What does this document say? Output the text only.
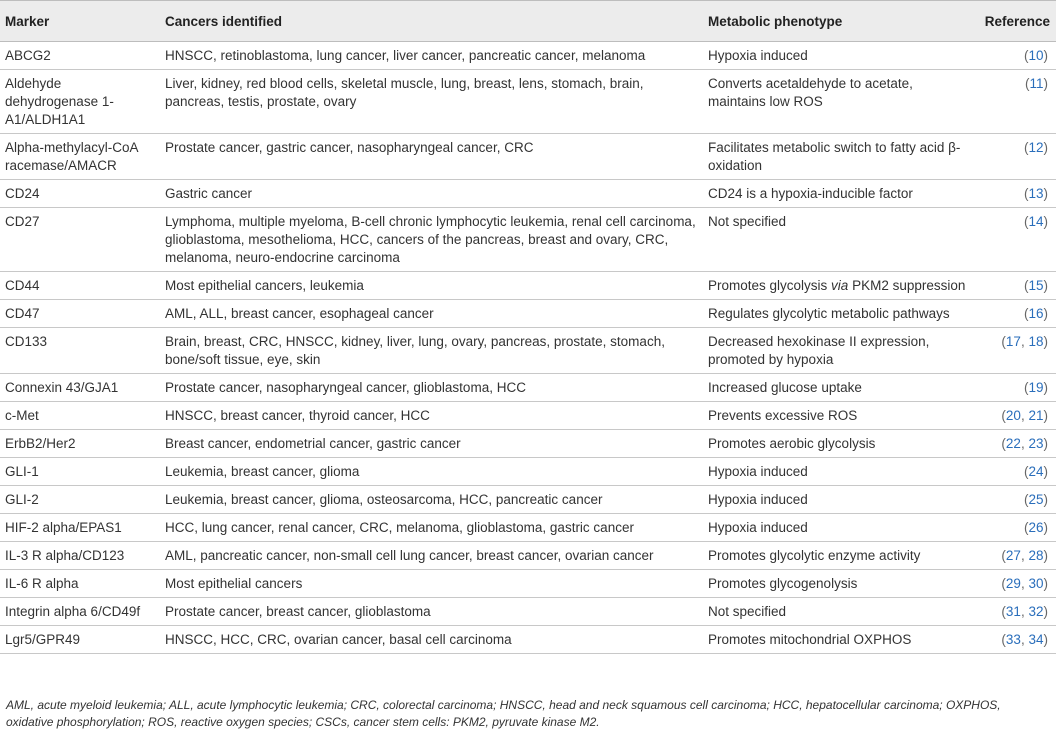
Marker	Cancers identified	Metabolic phenotype	Reference
ABCG2	HNSCC, retinoblastoma, lung cancer, liver cancer, pancreatic cancer, melanoma	Hypoxia induced	(10)
Aldehyde dehydrogenase 1-A1/ALDH1A1	Liver, kidney, red blood cells, skeletal muscle, lung, breast, lens, stomach, brain, pancreas, testis, prostate, ovary	Converts acetaldehyde to acetate, maintains low ROS	(11)
Alpha-methylacyl-CoA racemase/AMACR	Prostate cancer, gastric cancer, nasopharyngeal cancer, CRC	Facilitates metabolic switch to fatty acid β-oxidation	(12)
CD24	Gastric cancer	CD24 is a hypoxia-inducible factor	(13)
CD27	Lymphoma, multiple myeloma, B-cell chronic lymphocytic leukemia, renal cell carcinoma, glioblastoma, mesothelioma, HCC, cancers of the pancreas, breast and ovary, CRC, melanoma, neuro-endocrine carcinoma	Not specified	(14)
CD44	Most epithelial cancers, leukemia	Promotes glycolysis via PKM2 suppression	(15)
CD47	AML, ALL, breast cancer, esophageal cancer	Regulates glycolytic metabolic pathways	(16)
CD133	Brain, breast, CRC, HNSCC, kidney, liver, lung, ovary, pancreas, prostate, stomach, bone/soft tissue, eye, skin	Decreased hexokinase II expression, promoted by hypoxia	(17, 18)
Connexin 43/GJA1	Prostate cancer, nasopharyngeal cancer, glioblastoma, HCC	Increased glucose uptake	(19)
c-Met	HNSCC, breast cancer, thyroid cancer, HCC	Prevents excessive ROS	(20, 21)
ErbB2/Her2	Breast cancer, endometrial cancer, gastric cancer	Promotes aerobic glycolysis	(22, 23)
GLI-1	Leukemia, breast cancer, glioma	Hypoxia induced	(24)
GLI-2	Leukemia, breast cancer, glioma, osteosarcoma, HCC, pancreatic cancer	Hypoxia induced	(25)
HIF-2 alpha/EPAS1	HCC, lung cancer, renal cancer, CRC, melanoma, glioblastoma, gastric cancer	Hypoxia induced	(26)
IL-3 R alpha/CD123	AML, pancreatic cancer, non-small cell lung cancer, breast cancer, ovarian cancer	Promotes glycolytic enzyme activity	(27, 28)
IL-6 R alpha	Most epithelial cancers	Promotes glycogenolysis	(29, 30)
Integrin alpha 6/CD49f	Prostate cancer, breast cancer, glioblastoma	Not specified	(31, 32)
Lgr5/GPR49	HNSCC, HCC, CRC, ovarian cancer, basal cell carcinoma	Promotes mitochondrial OXPHOS	(33, 34)
AML, acute myeloid leukemia; ALL, acute lymphocytic leukemia; CRC, colorectal carcinoma; HNSCC, head and neck squamous cell carcinoma; HCC, hepatocellular carcinoma; OXPHOS, oxidative phosphorylation; ROS, reactive oxygen species; CSCs, cancer stem cells: PKM2, pyruvate kinase M2.
